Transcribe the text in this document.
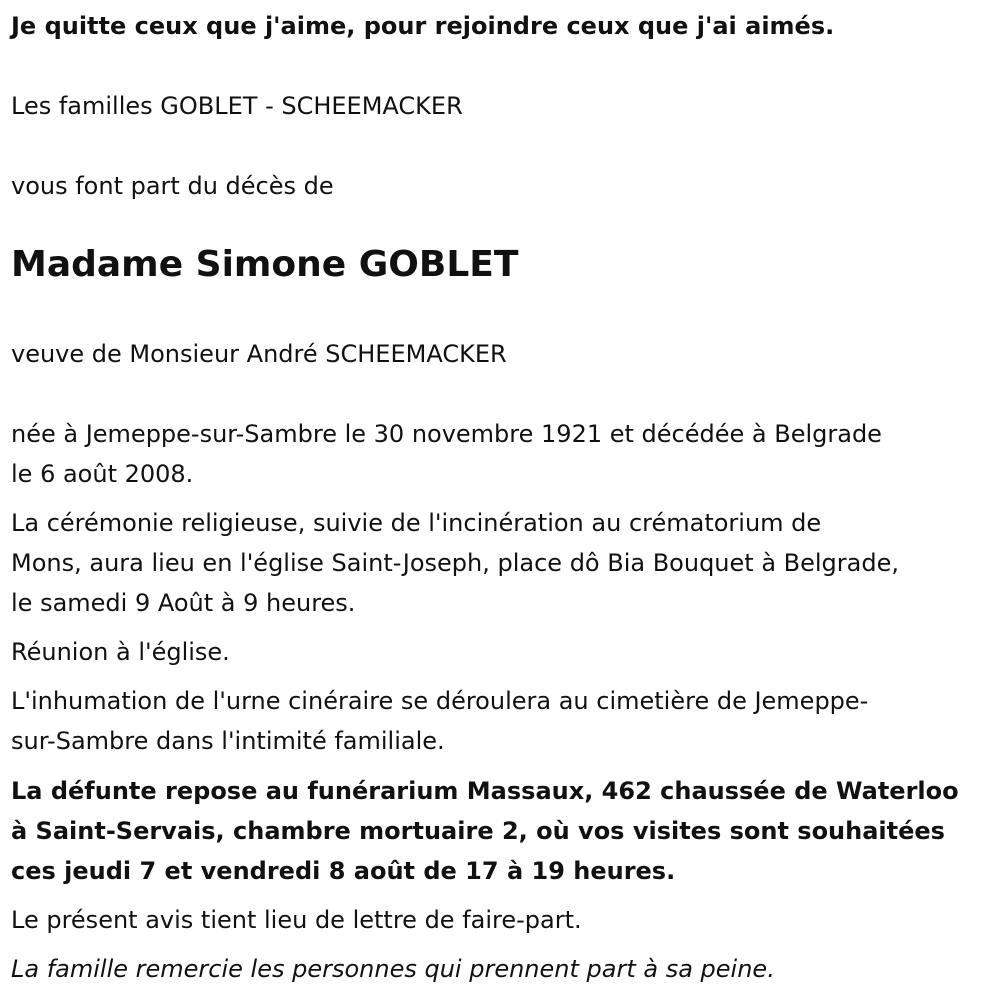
Je quitte ceux que j'aime, pour rejoindre ceux que j'ai aimés.
Les familles GOBLET - SCHEEMACKER
vous font part du décès de
Madame Simone GOBLET
veuve de Monsieur André SCHEEMACKER
née à Jemeppe-sur-Sambre le 30 novembre 1921 et décédée à Belgrade
le 6 août 2008.
La cérémonie religieuse, suivie de l'incinération au crématorium de
Mons, aura lieu en l'église Saint-Joseph, place dô Bia Bouquet à Belgrade,
le samedi 9 Août à 9 heures.
Réunion à l'église.
L'inhumation de l'urne cinéraire se déroulera au cimetière de Jemeppe-
sur-Sambre dans l'intimité familiale.
La défunte repose au funérarium Massaux, 462 chaussée de Waterloo
à Saint-Servais, chambre mortuaire 2, où vos visites sont souhaitées
ces jeudi 7 et vendredi 8 août de 17 à 19 heures.
Le présent avis tient lieu de lettre de faire-part.
La famille remercie les personnes qui prennent part à sa peine.
